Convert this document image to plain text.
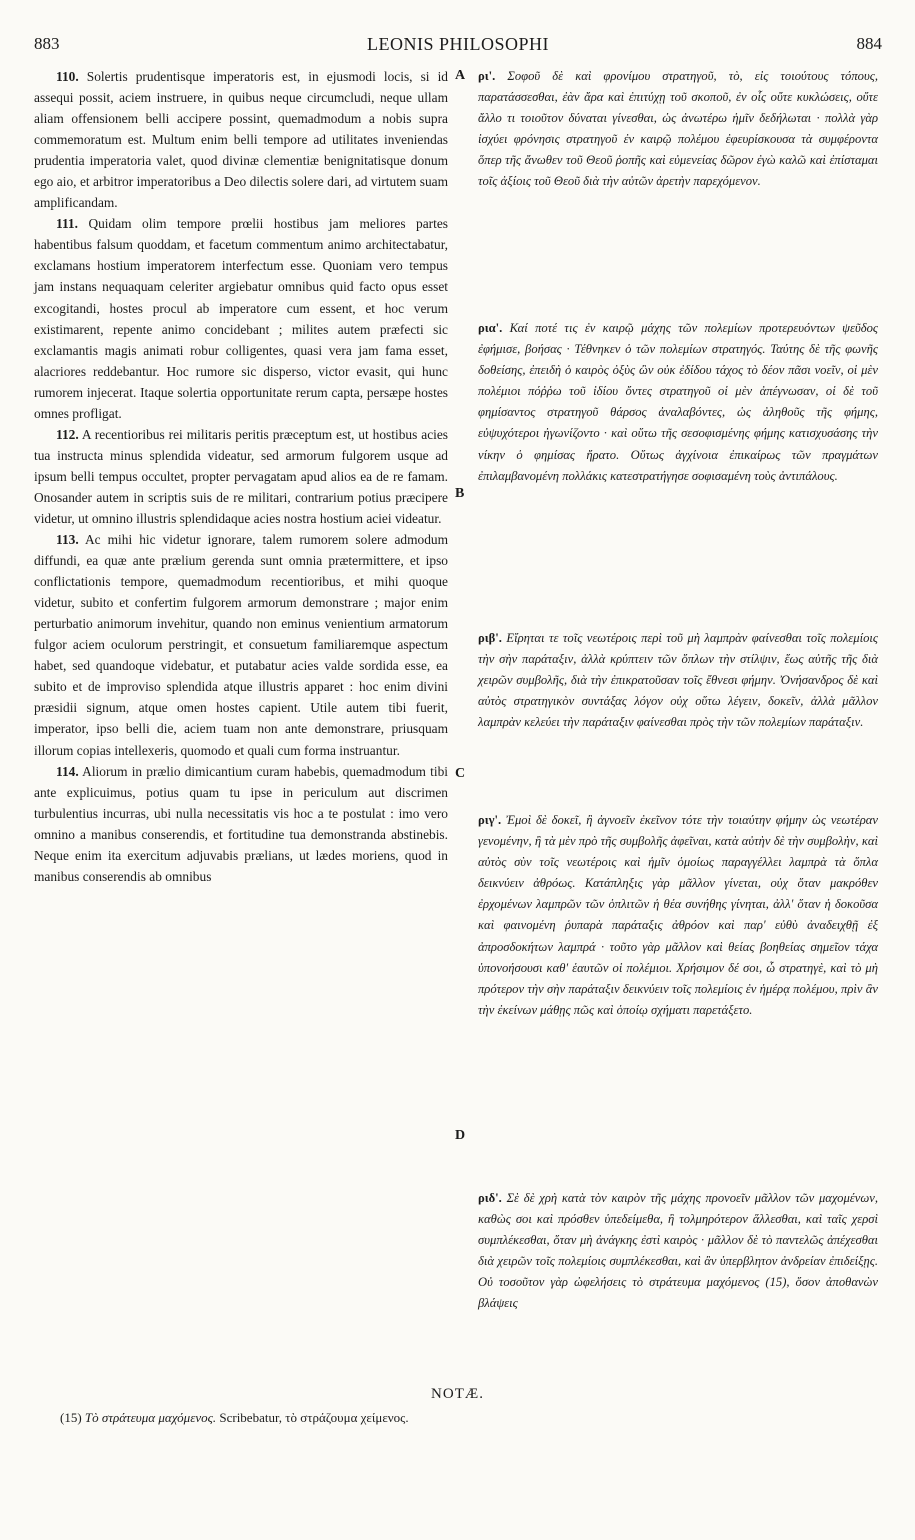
883	LEONIS PHILOSOPHI	884

110. Solertis prudentisque imperatoris est, in ejusmodi locis, si id assequi possit, aciem instruere, in quibus neque circumcludi, neque ullam aliam offensionem belli accipere possint, quemadmodum a nobis supra commemoratum est. Multum enim belli tempore ad utilitates inveniendas prudentia imperatoria valet, quod divinæ clementiæ benignitatisque donum ego aio, et arbitror imperatoribus a Deo dilectis solere dari, ad virtutem suam amplificandam.

111. Quidam olim tempore prœlii hostibus jam meliores partes habentibus falsum quoddam, et facetum commentum animo architectabatur, exclamans hostium imperatorem interfectum esse. Quoniam vero tempus jam instans nequaquam celeriter argiebatur omnibus quid facto opus esset excogitandi, hostes procul ab imperatore cum essent, et hoc verum existimarent, repente animo concidebant ; milites autem præfecti sic exclamantis magis animati robur colligentes, quasi vera jam fama esset, alacriores reddebantur. Hoc rumore sic disperso, victor evasit, qui hunc rumorem injecerat. Itaque solertia opportunitate rerum capta, persæpe hostes omnes profligat.

112. A recentioribus rei militaris peritis præceptum est, ut hostibus acies tua instructa minus splendida videatur, sed armorum fulgorem usque ad ipsum belli tempus occultet, propter pervagatam apud alios ea de re famam. Onosander autem in scriptis suis de re militari, contrarium potius præcipere videtur, ut omnino illustris splendidaque acies nostra hostium aciei videatur.

113. Ac mihi hic videtur ignorare, talem rumorem solere admodum diffundi, ea quæ ante prælium gerenda sunt omnia prætermittere, et ipso conflictationis tempore, quemadmodum recentioribus, et mihi quoque videtur, subito et confertim fulgorem armorum demonstrare ; major enim perturbatio animorum invehitur, quando non eminus venientium armatorum fulgor aciem oculorum perstringit, et consuetum familiaremque aspectum habet, sed quandoque videbatur, et putabatur acies valde sordida esse, ea subito et de improviso splendida atque illustris apparet : hoc enim divini præsidii signum, atque omen hostes capient. Utile autem tibi fuerit, imperator, ipso belli die, aciem tuam non ante demonstrare, priusquam illorum copias intellexeris, quomodo et quali cum forma instruantur.

114. Aliorum in prælio dimicantium curam habebis, quemadmodum tibi ante explicuimus, potius quam tu ipse in periculum aut discrimen turbulentius incurras, ubi nulla necessitatis vis hoc a te postulat : imo vero omnino a manibus conserendis, et fortitudine tua demonstranda abstinebis. Neque enim ita exercitum adjuvabis prælians, ut lædes moriens, quod in manibus conserendis ab omnibus

A
B
C
D

ρι'. Σοφοῦ δὲ καὶ φρονίμου στρατηγοῦ, τὸ, εἰς τοιούτους τόπους, παρατάσσεσθαι, ἐὰν ἄρα καὶ ἐπιτύχῃ τοῦ σκοποῦ, ἐν οἷς οὔτε κυκλώσεις, οὔτε ἄλλο τι τοιοῦτον δύναται γίνεσθαι, ὡς ἀνωτέρω ἡμῖν δεδήλωται · πολλὰ γὰρ ἰσχύει φρόνησις στρατηγοῦ ἐν καιρῷ πολέμου ἐφευρίσκουσα τὰ συμφέροντα ὅπερ τῆς ἄνωθεν τοῦ Θεοῦ ῥοπῆς καὶ εὐμενείας δῶρον ἐγὼ καλῶ καὶ ἐπίσταμαι τοῖς ἀξίοις τοῦ Θεοῦ διὰ τὴν αὐτῶν ἀρετὴν παρεχόμενον.

ρια'. Καί ποτέ τις ἐν καιρῷ μάχης τῶν πολεμίων προτερευόντων ψεῦδος ἐφήμισε, βοήσας · Τέθνηκεν ὁ τῶν πολεμίων στρατηγός. Ταύτης δὲ τῆς φωνῆς δοθείσης, ἐπειδὴ ὁ καιρὸς ὀξὺς ὢν οὐκ ἐδίδου τάχος τὸ δέον πᾶσι νοεῖν, οἱ μὲν πολέμιοι πόῤῥω τοῦ ἰδίου ὄντες στρατηγοῦ οἱ μὲν ἀπέγνωσαν, οἱ δὲ τοῦ φημίσαντος στρατηγοῦ θάρσος ἀναλαβόντες, ὡς ἀληθοῦς τῆς φήμης, εὐψυχότεροι ἠγωνίζοντο · καὶ οὕτω τῆς σεσοφισμένης φήμης κατισχυσάσης τὴν νίκην ὁ φημίσας ἤρατο. Οὕτως ἀγχίνοια ἐπικαίρως τῶν πραγμάτων ἐπιλαμβανομένη πολλάκις κατεστρατήγησε σοφισαμένη τοὺς ἀντιπάλους.

ριβ'. Εἴρηται τε τοῖς νεωτέροις περὶ τοῦ μὴ λαμπρὰν φαίνεσθαι τοῖς πολεμίοις τὴν σὴν παράταξιν, ἀλλὰ κρύπτειν τῶν ὅπλων τὴν στίλψιν, ἕως αὐτῆς τῆς διὰ χειρῶν συμβολῆς, διὰ τὴν ἐπικρατοῦσαν τοῖς ἔθνεσι φήμην. Ὀνήσανδρος δὲ καὶ αὐτὸς στρατηγικὸν συντάξας λόγον οὐχ οὕτω λέγειν, δοκεῖν, ἀλλὰ μᾶλλον λαμπρὰν κελεύει τὴν παράταξιν φαίνεσθαι πρὸς τὴν τῶν πολεμίων παράταξιν.

ριγ'. Ἐμοὶ δὲ δοκεῖ, ἢ ἀγνοεῖν ἐκεῖνον τότε τὴν τοιαύτην φήμην ὡς νεωτέραν γενομένην, ἢ τὰ μὲν πρὸ τῆς συμβολῆς ἀφεῖναι, κατὰ αὐτὴν δὲ τὴν συμβολὴν, καὶ αὐτὸς σὺν τοῖς νεωτέροις καὶ ἡμῖν ὁμοίως παραγγέλλει λαμπρὰ τὰ ὅπλα δεικνύειν ἀθρόως. Κατάπληξις γὰρ μᾶλλον γίνεται, οὐχ ὅταν μακρόθεν ἐρχομένων λαμπρῶν τῶν ὁπλιτῶν ἡ θέα συνήθης γίνηται, ἀλλ' ὅταν ἡ δοκοῦσα καὶ φαινομένη ῥυπαρὰ παράταξις ἀθρόον καὶ παρ' εὐθὺ ἀναδειχθῇ ἐξ ἀπροσδοκήτων λαμπρά · τοῦτο γὰρ μᾶλλον καὶ θείας βοηθείας σημεῖον τάχα ὑπονοήσουσι καθ' ἑαυτῶν οἱ πολέμιοι. Χρήσιμον δέ σοι, ὦ στρατηγὲ, καὶ τὸ μὴ πρότερον τὴν σὴν παράταξιν δεικνύειν τοῖς πολεμίοις ἐν ἡμέρᾳ πολέμου, πρὶν ἂν τὴν ἐκείνων μάθῃς πῶς καὶ ὁποίῳ σχήματι παρετάξετο.

ριδ'. Σὲ δὲ χρὴ κατὰ τὸν καιρὸν τῆς μάχης προνοεῖν μᾶλλον τῶν μαχομένων, καθὼς σοι καὶ πρόσθεν ὑπεδείμεθα, ἢ τολμηρότερον ἅλλεσθαι, καὶ ταῖς χερσὶ συμπλέκεσθαι, ὅταν μὴ ἀνάγκης ἐστὶ καιρὸς · μᾶλλον δὲ τὸ παντελῶς ἀπέχεσθαι διὰ χειρῶν τοῖς πολεμίοις συμπλέκεσθαι, καὶ ἂν ὑπερβλητον ἀνδρείαν ἐπιδείξῃς. Οὐ τοσοῦτον γὰρ ὠφελήσεις τὸ στράτευμα μαχόμενος (15), ὅσον ἀποθανὼν βλάψεις

NOTÆ.
(15) Τὸ στράτευμα μαχόμενος. Scribebatur, τὸ στράζουμα χείμενος.
